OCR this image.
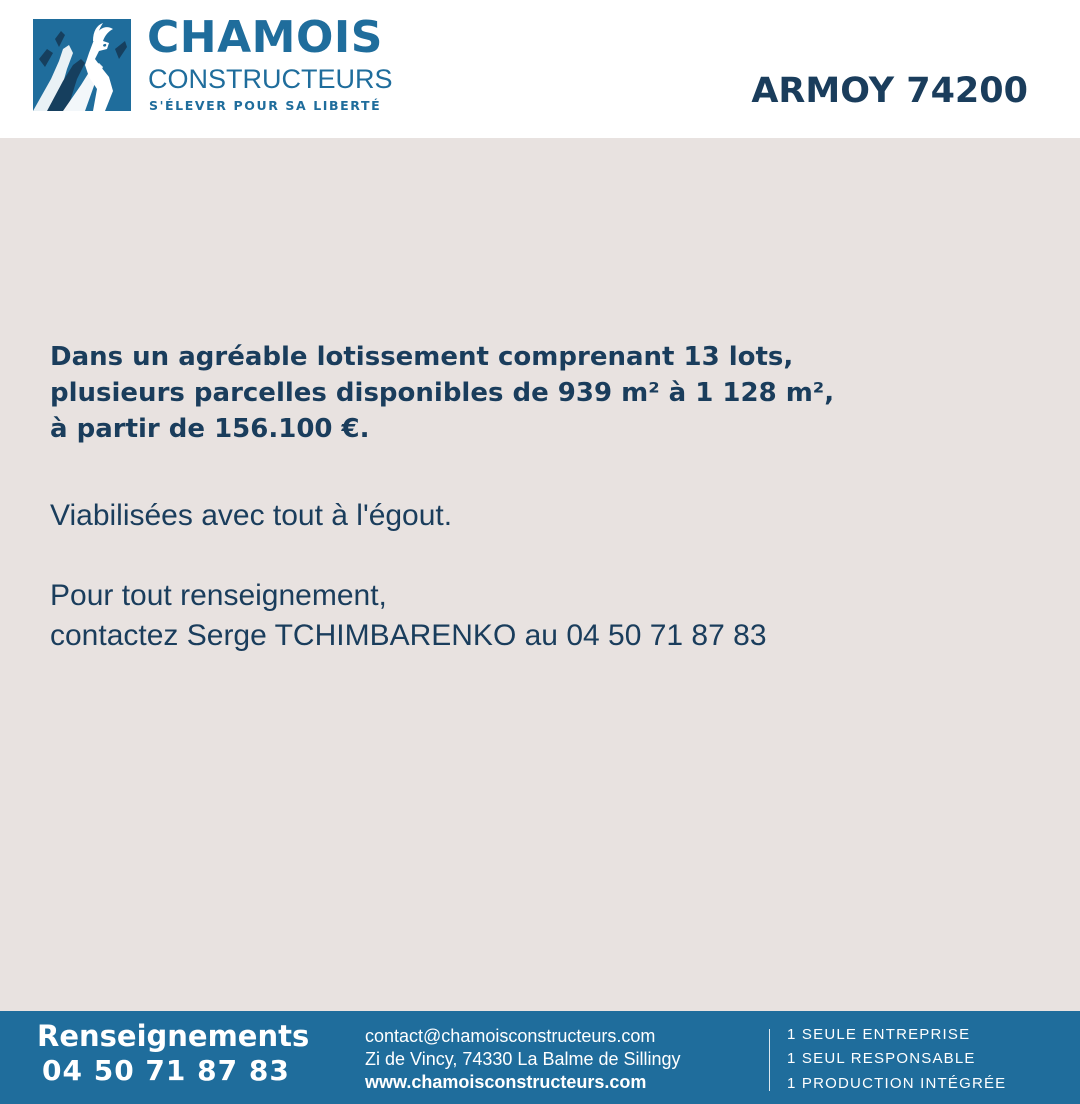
CHAMOIS
CONSTRUCTEURS
S'ÉLEVER POUR SA LIBERTÉ	ARMOY 74200
Dans un agréable lotissement comprenant 13 lots,
plusieurs parcelles disponibles de 939 m² à 1 128 m²,
à partir de 156.100 €.
Viabilisées avec tout à l'égout.
Pour tout renseignement,
contactez Serge TCHIMBARENKO au 04 50 71 87 83
Renseignements
04 50 71 87 83
contact@chamoisconstructeurs.com
Zi de Vincy, 74330 La Balme de Sillingy
www.chamoisconstructeurs.com
1 SEULE ENTREPRISE
1 SEUL RESPONSABLE
1 PRODUCTION INTÉGRÉE
